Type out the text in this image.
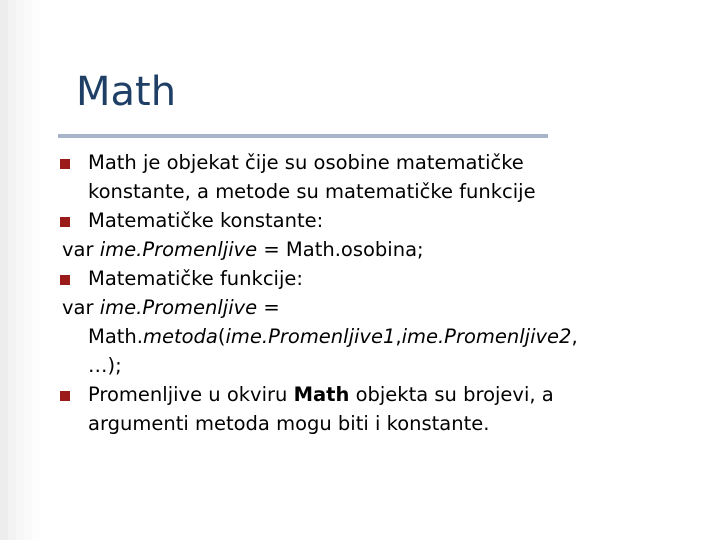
Math
Math je objekat čije su osobine matematičke
konstante, a metode su matematičke funkcije
Matematičke konstante:
var ime.Promenljive = Math.osobina;
Matematičke funkcije:
var ime.Promenljive =
Math.metoda(ime.Promenljive1,ime.Promenljive2,
…);
Promenljive u okviru Math objekta su brojevi, a
argumenti metoda mogu biti i konstante.
